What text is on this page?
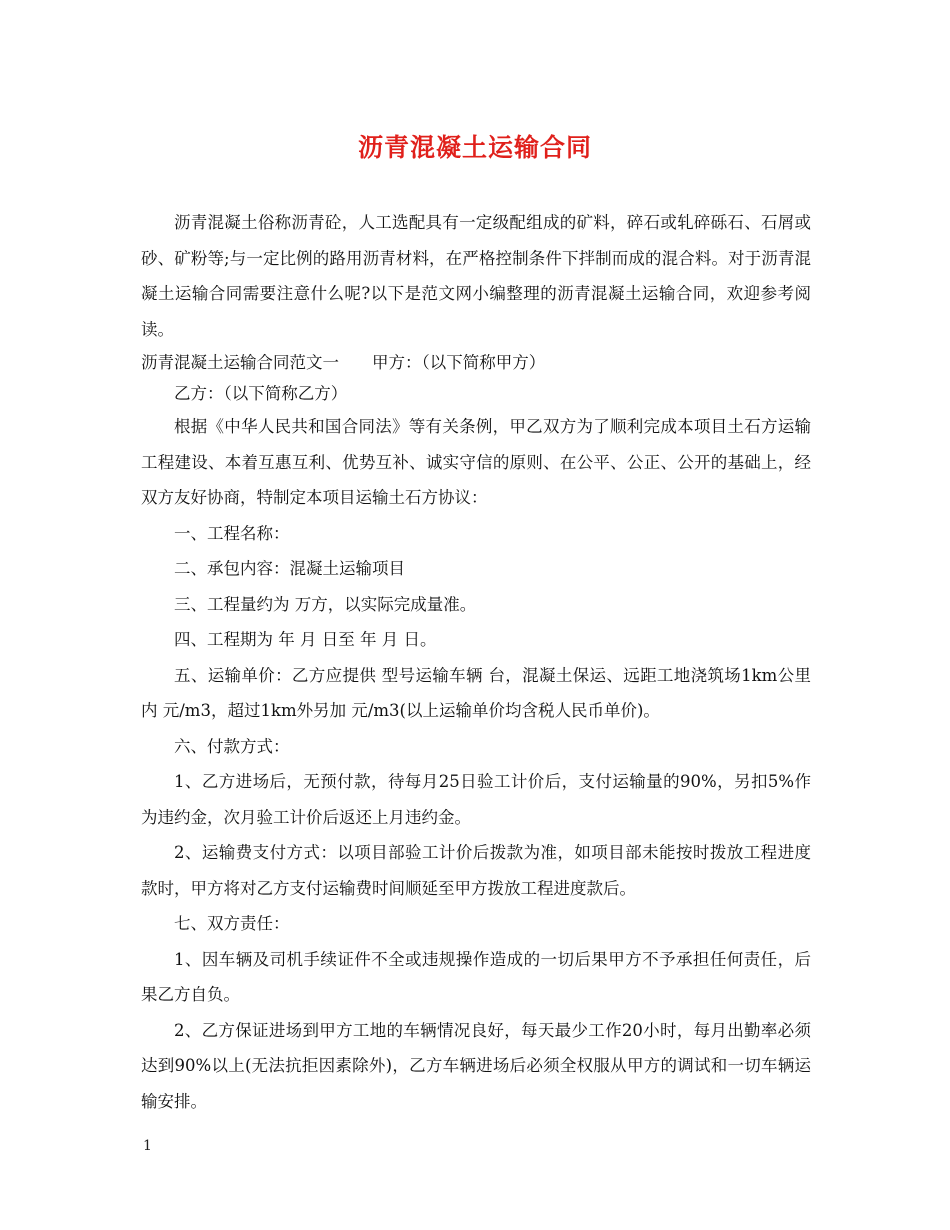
沥青混凝土运输合同

沥青混凝土俗称沥青砼，人工选配具有一定级配组成的矿料，碎石或轧碎砾石、石屑或砂、矿粉等;与一定比例的路用沥青材料，在严格控制条件下拌制而成的混合料。对于沥青混凝土运输合同需要注意什么呢?以下是范文网小编整理的沥青混凝土运输合同，欢迎参考阅读。

沥青混凝土运输合同范文一　　甲方：（以下简称甲方）

乙方：（以下简称乙方）

根据《中华人民共和国合同法》等有关条例，甲乙双方为了顺利完成本项目土石方运输工程建设、本着互惠互利、优势互补、诚实守信的原则、在公平、公正、公开的基础上，经双方友好协商，特制定本项目运输土石方协议：

一、工程名称：

二、承包内容：混凝土运输项目

三、工程量约为 万方，以实际完成量准。

四、工程期为 年 月 日至 年 月 日。

五、运输单价：乙方应提供 型号运输车辆 台，混凝土保运、远距工地浇筑场1km公里内 元/m3，超过1km外另加 元/m3(以上运输单价均含税人民币单价)。

六、付款方式：

1、乙方进场后，无预付款，待每月25日验工计价后，支付运输量的90%，另扣5%作为违约金，次月验工计价后返还上月违约金。

2、运输费支付方式：以项目部验工计价后拨款为准，如项目部未能按时拨放工程进度款时，甲方将对乙方支付运输费时间顺延至甲方拨放工程进度款后。

七、双方责任：

1、因车辆及司机手续证件不全或违规操作造成的一切后果甲方不予承担任何责任，后果乙方自负。

2、乙方保证进场到甲方工地的车辆情况良好，每天最少工作20小时，每月出勤率必须达到90%以上(无法抗拒因素除外)，乙方车辆进场后必须全权服从甲方的调试和一切车辆运输安排。

1
